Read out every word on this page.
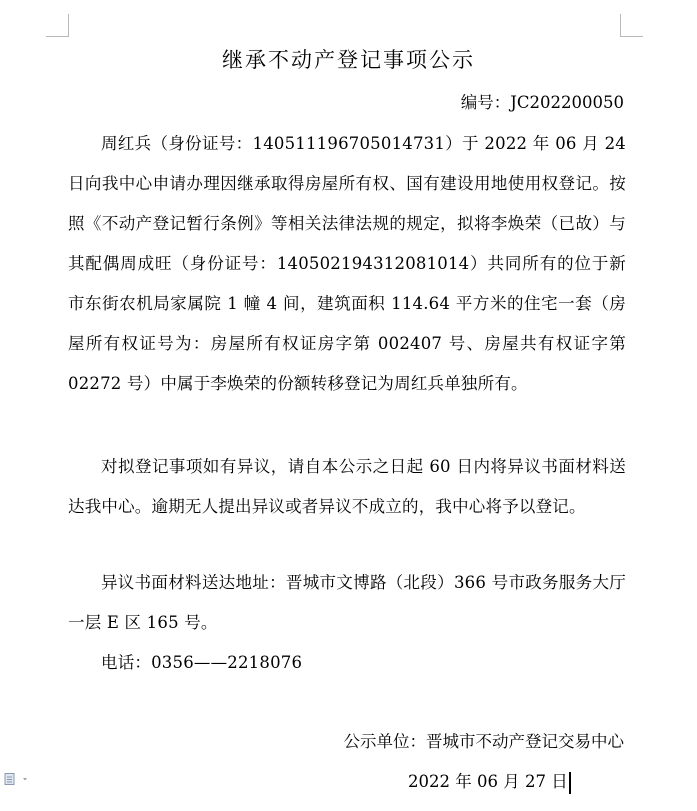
继承不动产登记事项公示
编号：JC202200050

周红兵（身份证号：140511196705014731）于 2022 年 06 月 24 日向我中心申请办理因继承取得房屋所有权、国有建设用地使用权登记。按照《不动产登记暂行条例》等相关法律法规的规定，拟将李焕荣（已故）与其配偶周成旺（身份证号：140502194312081014）共同所有的位于新市东街农机局家属院 1 幢 4 间，建筑面积 114.64 平方米的住宅一套（房屋所有权证号为：房屋所有权证房字第 002407 号、房屋共有权证字第 02272 号）中属于李焕荣的份额转移登记为周红兵单独所有。

对拟登记事项如有异议，请自本公示之日起 60 日内将异议书面材料送达我中心。逾期无人提出异议或者异议不成立的，我中心将予以登记。

异议书面材料送达地址：晋城市文博路（北段）366 号市政务服务大厅一层 E 区 165 号。

电话：0356——2218076

公示单位：晋城市不动产登记交易中心
2022 年 06 月 27 日
